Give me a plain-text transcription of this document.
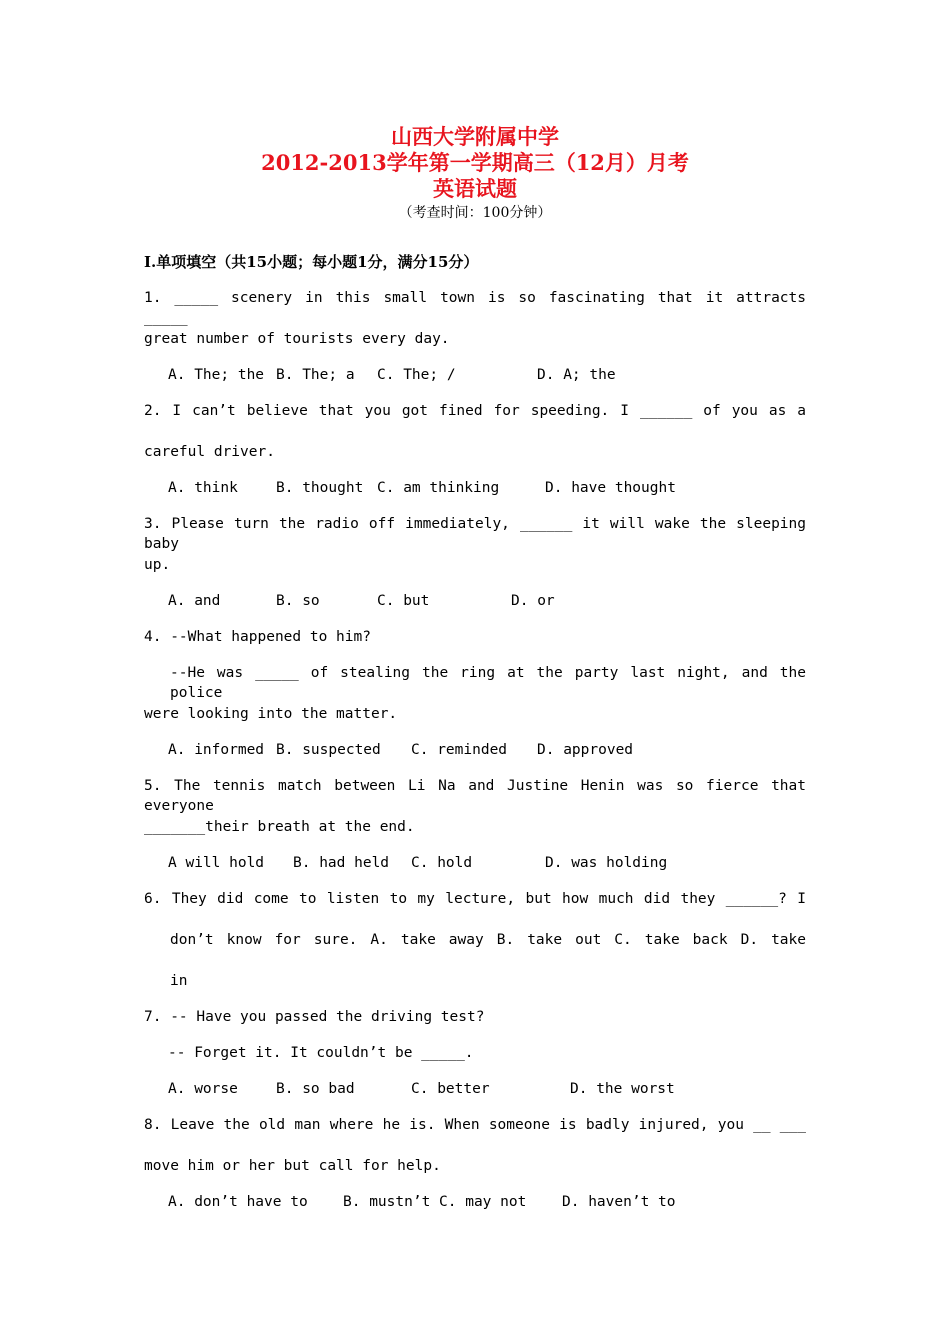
山西大学附属中学
2012-2013学年第一学期高三（12月）月考
英语试题
（考查时间：100分钟）
I.单项填空（共15小题；每小题1分，满分15分）
1. _____ scenery in this small town is so fascinating that it attracts _____
great number of tourists every day.
A. The; the B. The; a C. The; /	D. A; the
2. I can’t believe that you got fined for speeding. I ______ of you as a
careful driver.
A. think	B. thought C. am thinking	D. have thought
3. Please turn the radio off immediately, ______ it will wake the sleeping baby
up.
A. and	B. so	C. but	D. or
4. --What happened to him?
--He was _____ of stealing the ring at the party last night, and the police
were looking into the matter.
A. informed B. suspected C. reminded D. approved
5. The tennis match between Li Na and Justine Henin was so fierce that everyone
_______their breath at the end.
A will hold B. had held C. hold	D. was holding
6. They did come to listen to my lecture, but how much did they ______? I
don’t know for sure. A. take away B. take out C. take back D. take
in
7. -- Have you passed the driving test?
-- Forget it. It couldn’t be _____.
A. worse	B. so bad	C. better	D. the worst
8. Leave the old man where he is. When someone is badly injured, you __ ___
move him or her but call for help.
A. don’t have to B. mustn’t C. may not D. haven’t to
